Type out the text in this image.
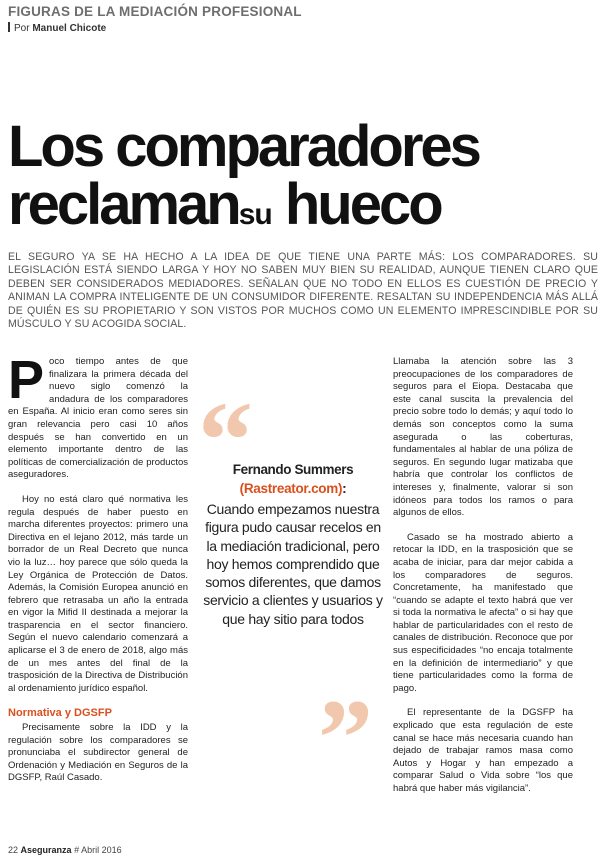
FIGURAS DE LA MEDIACIÓN PROFESIONAL
Por Manuel Chicote
Los comparadores
reclamansu hueco
EL SEGURO YA SE HA HECHO A LA IDEA DE QUE TIENE UNA PARTE MÁS: LOS COMPARADORES. SU LEGISLACIÓN ESTÁ SIENDO LARGA Y HOY NO SABEN MUY BIEN SU REALIDAD, AUNQUE TIENEN CLARO QUE DEBEN SER CONSIDERADOS MEDIADORES. SEÑALAN QUE NO TODO EN ELLOS ES CUESTIÓN DE PRECIO Y ANIMAN LA COMPRA INTELIGENTE DE UN CONSUMIDOR DIFERENTE. RESALTAN SU INDEPENDENCIA MÁS ALLÁ DE QUIÉN ES SU PROPIETARIO Y SON VISTOS POR MUCHOS COMO UN ELEMENTO IMPRESCINDIBLE POR SU MÚSCULO Y SU ACOGIDA SOCIAL.

Poco tiempo antes de que finalizara la primera década del nuevo siglo comenzó la andadura de los comparadores en España. Al inicio eran como seres sin gran relevancia pero casi 10 años después se han convertido en un elemento importante dentro de las políticas de comercialización de productos aseguradores.

Hoy no está claro qué normativa les regula después de haber puesto en marcha diferentes proyectos: primero una Directiva en el lejano 2012, más tarde un borrador de un Real Decreto que nunca vio la luz… hoy parece que sólo queda la Ley Orgánica de Protección de Datos. Además, la Comisión Europea anunció en febrero que retrasaba un año la entrada en vigor la Mifid II destinada a mejorar la trasparencia en el sector financiero. Según el nuevo calendario comenzará a aplicarse el 3 de enero de 2018, algo más de un mes antes del final de la trasposición de la Directiva de Distribución al ordenamiento jurídico español.

Normativa y DGSFP

Precisamente sobre la IDD y la regulación sobre los comparadores se pronunciaba el subdirector general de Ordenación y Mediación en Seguros de la DGSFP, Raúl Casado.

“
Fernando Summers
(Rastreator.com):
Cuando empezamos nuestra figura pudo causar recelos en la mediación tradicional, pero hoy hemos comprendido que somos diferentes, que damos servicio a clientes y usuarios y que hay sitio para todos
”

Llamaba la atención sobre las 3 preocupaciones de los comparadores de seguros para el Eiopa. Destacaba que este canal suscita la prevalencia del precio sobre todo lo demás; y aquí todo lo demás son conceptos como la suma asegurada o las coberturas, fundamentales al hablar de una póliza de seguros. En segundo lugar matizaba que habría que controlar los conflictos de intereses y, finalmente, valorar si son idóneos para todos los ramos o para algunos de ellos.

Casado se ha mostrado abierto a retocar la IDD, en la trasposición que se acaba de iniciar, para dar mejor cabida a los comparadores de seguros. Concretamente, ha manifestado que “cuando se adapte el texto habrá que ver si toda la normativa le afecta” o si hay que hablar de particularidades con el resto de canales de distribución. Reconoce que por sus especificidades “no encaja totalmente en la definición de intermediario” y que tiene particularidades como la forma de pago.

El representante de la DGSFP ha explicado que esta regulación de este canal se hace más necesaria cuando han dejado de trabajar ramos masa como Autos y Hogar y han empezado a comparar Salud o Vida sobre “los que habrá que haber más vigilancia”.

22 Aseguranza # Abril 2016
